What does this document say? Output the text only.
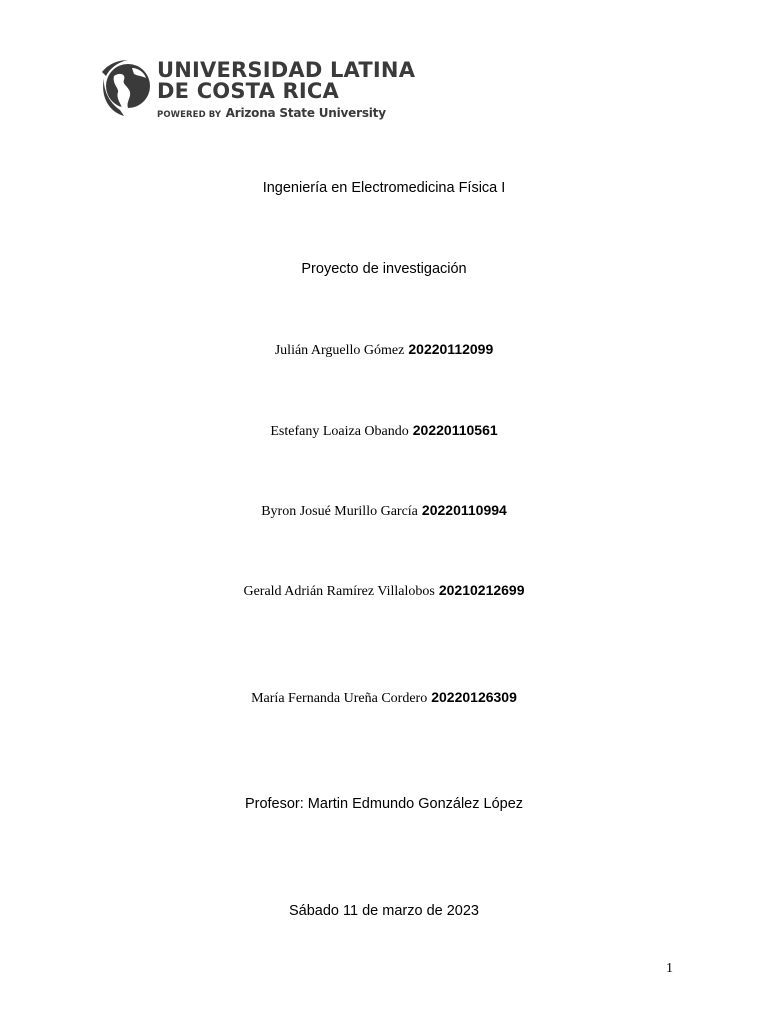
UNIVERSIDAD LATINA
DE COSTA RICA
POWERED BY Arizona State University
Ingeniería en Electromedicina Física I
Proyecto de investigación
Julián Arguello Gómez 20220112099
Estefany Loaiza Obando 20220110561
Byron Josué Murillo García 20220110994
Gerald Adrián Ramírez Villalobos 20210212699
María Fernanda Ureña Cordero 20220126309
Profesor: Martin Edmundo González López
Sábado 11 de marzo de 2023
1
